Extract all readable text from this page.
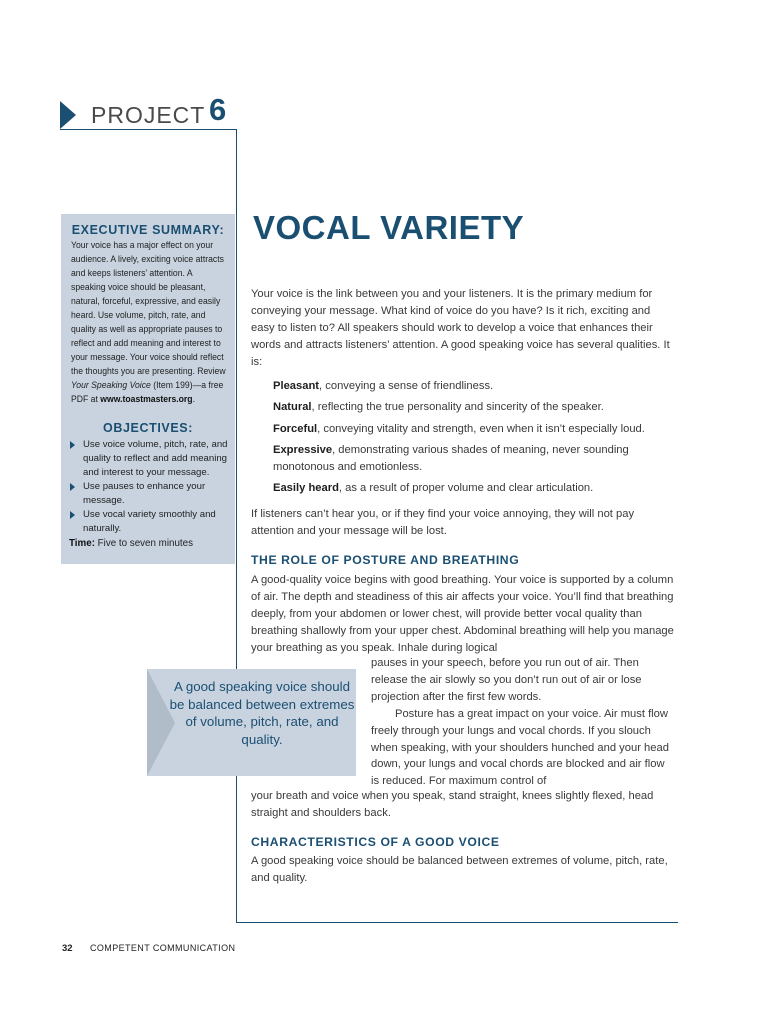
PROJECT 6
EXECUTIVE SUMMARY:
Your voice has a major effect on your audience. A lively, exciting voice attracts and keeps listeners’ attention. A speaking voice should be pleasant, natural, forceful, expressive, and easily heard. Use volume, pitch, rate, and quality as well as appropriate pauses to reflect and add meaning and interest to your message. Your voice should reflect the thoughts you are presenting. Review Your Speaking Voice (Item 199)—a free PDF at www.toastmasters.org.
OBJECTIVES:
Use voice volume, pitch, rate, and quality to reflect and add meaning and interest to your message.
Use pauses to enhance your message.
Use vocal variety smoothly and naturally.
Time: Five to seven minutes
VOCAL VARIETY
Your voice is the link between you and your listeners. It is the primary medium for conveying your message. What kind of voice do you have? Is it rich, exciting and easy to listen to? All speakers should work to develop a voice that enhances their words and attracts listeners’ attention. A good speaking voice has several qualities. It is:
Pleasant, conveying a sense of friendliness.
Natural, reflecting the true personality and sincerity of the speaker.
Forceful, conveying vitality and strength, even when it isn’t especially loud.
Expressive, demonstrating various shades of meaning, never sounding monotonous and emotionless.
Easily heard, as a result of proper volume and clear articulation.
If listeners can’t hear you, or if they find your voice annoying, they will not pay attention and your message will be lost.
THE ROLE OF POSTURE AND BREATHING
A good-quality voice begins with good breathing. Your voice is supported by a column of air. The depth and steadiness of this air affects your voice. You’ll find that breathing deeply, from your abdomen or lower chest, will provide better vocal quality than breathing shallowly from your upper chest. Abdominal breathing will help you manage your breathing as you speak. Inhale during logical
pauses in your speech, before you run out of air. Then release the air slowly so you don’t run out of air or lose projection after the first few words.
Posture has a great impact on your voice. Air must flow freely through your lungs and vocal chords. If you slouch when speaking, with your shoulders hunched and your head down, your lungs and vocal chords are blocked and air flow is reduced. For maximum control of
your breath and voice when you speak, stand straight, knees slightly flexed, head straight and shoulders back.
CHARACTERISTICS OF A GOOD VOICE
A good speaking voice should be balanced between extremes of volume, pitch, rate, and quality.
A good speaking voice should be balanced between extremes of volume, pitch, rate, and quality.
32 COMPETENT COMMUNICATION
